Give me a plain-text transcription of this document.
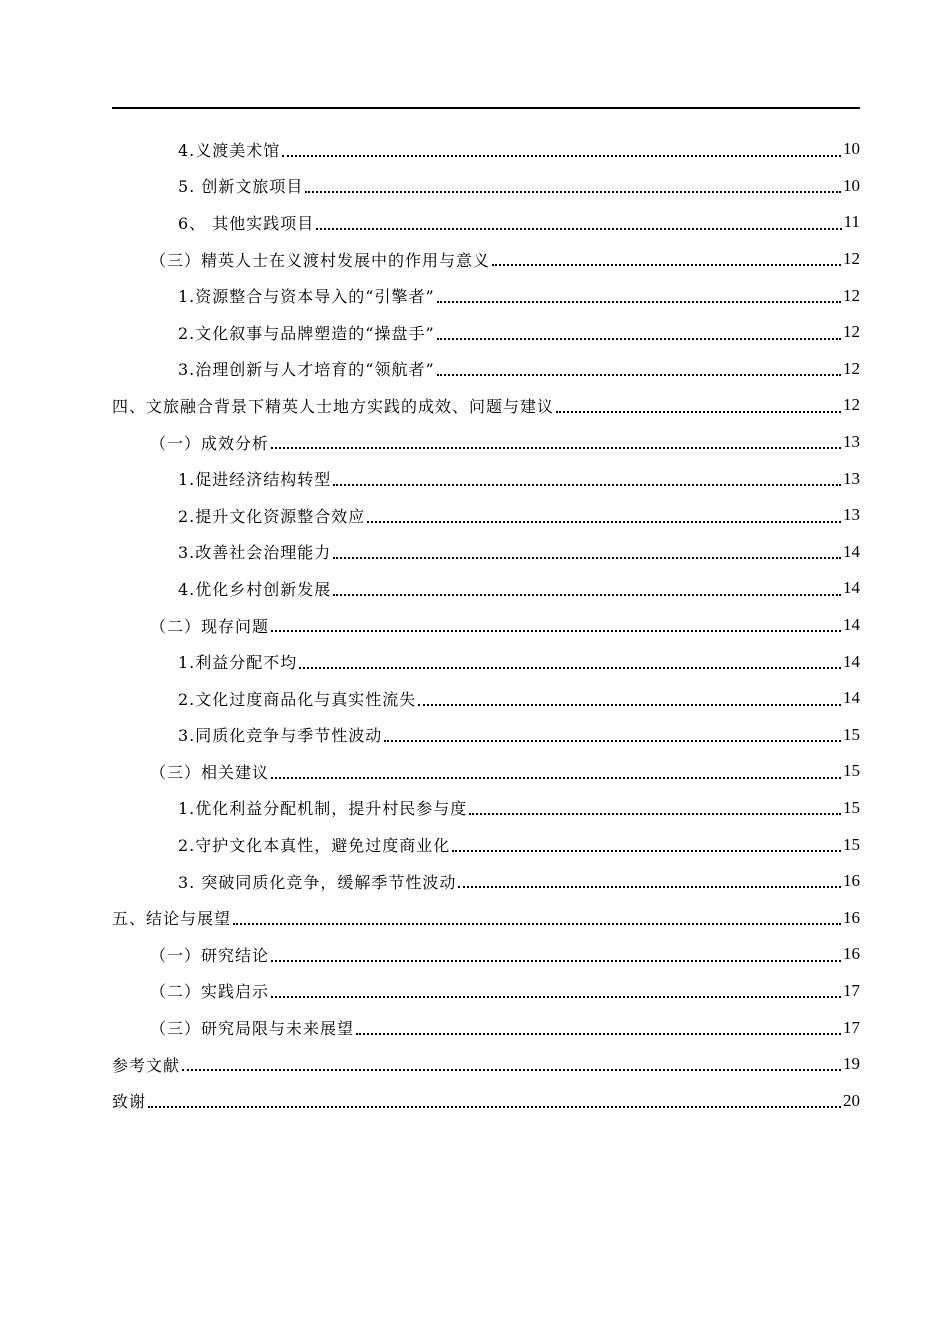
4.义渡美术馆	10
5. 创新文旅项目	10
6、 其他实践项目	11
（三）精英人士在义渡村发展中的作用与意义	12
1.资源整合与资本导入的“引擎者”	12
2.文化叙事与品牌塑造的“操盘手”	12
3.治理创新与人才培育的“领航者”	12
四、文旅融合背景下精英人士地方实践的成效、问题与建议	12
（一）成效分析	13
1.促进经济结构转型	13
2.提升文化资源整合效应	13
3.改善社会治理能力	14
4.优化乡村创新发展	14
（二）现存问题	14
1.利益分配不均	14
2.文化过度商品化与真实性流失	14
3.同质化竞争与季节性波动	15
（三）相关建议	15
1.优化利益分配机制，提升村民参与度	15
2.守护文化本真性，避免过度商业化	15
3. 突破同质化竞争，缓解季节性波动	16
五、结论与展望	16
（一）研究结论	16
（二）实践启示	17
（三）研究局限与未来展望	17
参考文献	19
致谢	20
